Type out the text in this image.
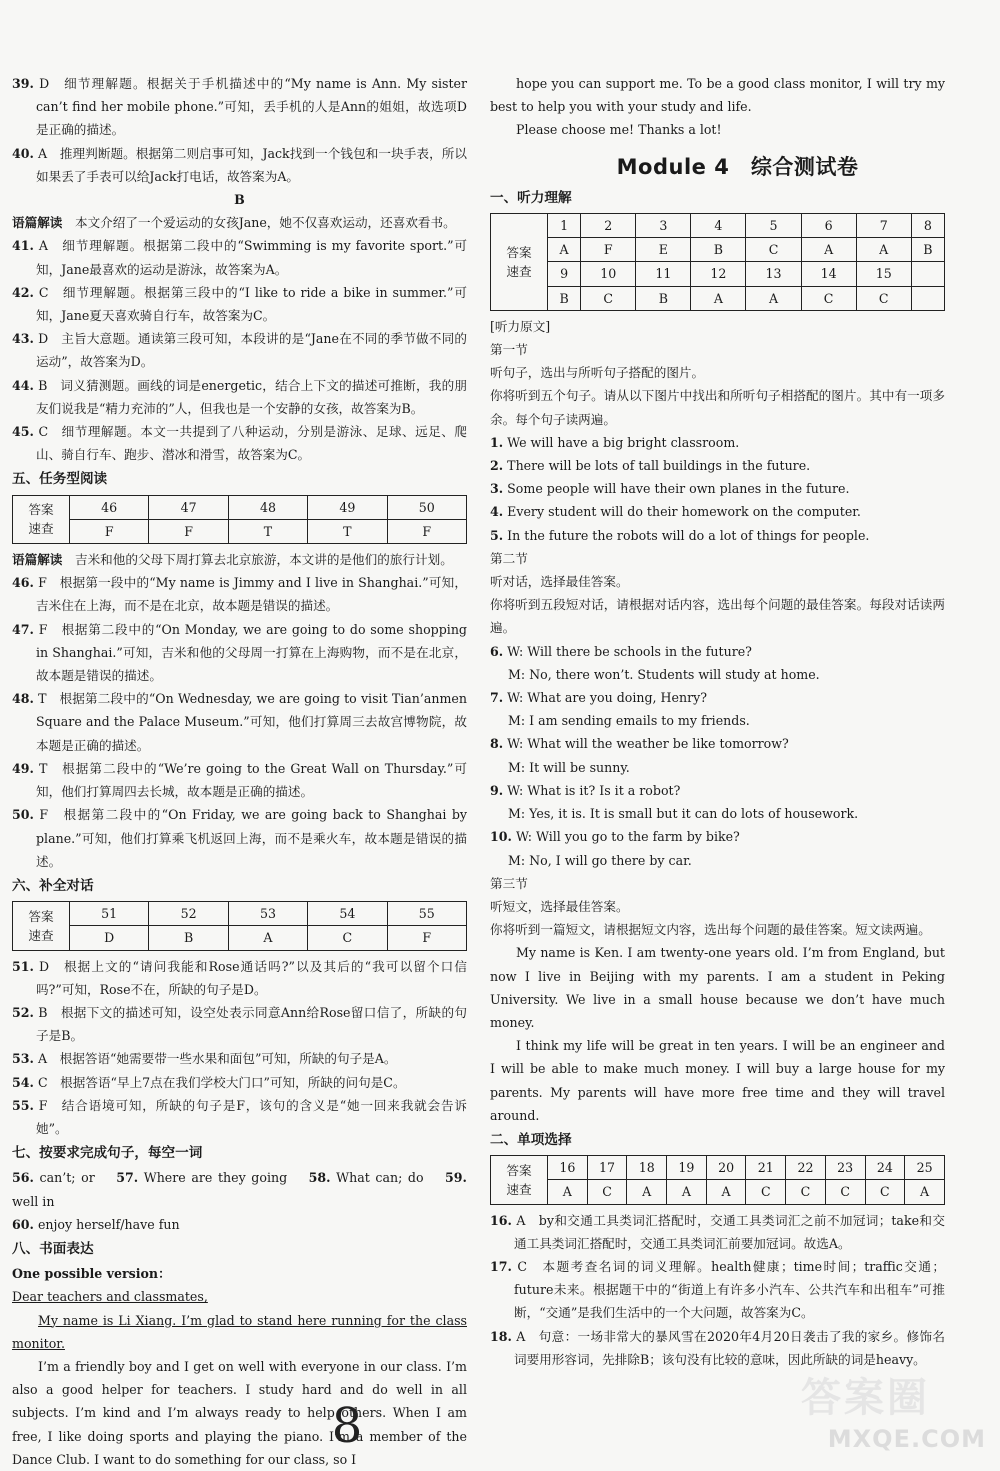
39. D　细节理解题。根据关于手机描述中的“My name is Ann. My sister can’t find her mobile phone.”可知，丢手机的人是Ann的姐姐，故选项D是正确的描述。

40. A　推理判断题。根据第二则启事可知，Jack找到一个钱包和一块手表，所以如果丢了手表可以给Jack打电话，故答案为A。

B

语篇解读　 本文介绍了一个爱运动的女孩Jane，她不仅喜欢运动，还喜欢看书。

41. A　细节理解题。根据第二段中的“Swimming is my favorite sport.”可知，Jane最喜欢的运动是游泳，故答案为A。

42. C　细节理解题。根据第三段中的“I like to ride a bike in summer.”可知，Jane夏天喜欢骑自行车，故答案为C。

43. D　主旨大意题。通读第三段可知，本段讲的是“Jane在不同的季节做不同的运动”，故答案为D。

44. B　词义猜测题。画线的词是energetic，结合上下文的描述可推断，我的朋友们说我是“精力充沛的”人，但我也是一个安静的女孩，故答案为B。

45. C　细节理解题。本文一共提到了八种运动，分别是游泳、足球、远足、爬山、骑自行车、跑步、潜冰和滑雪，故答案为C。

五、任务型阅读
答案
速查	46	47	48	49	50
	F	F	T	T	F

语篇解读　 吉米和他的父母下周打算去北京旅游，本文讲的是他们的旅行计划。

46. F　根据第一段中的“My name is Jimmy and I live in Shanghai.”可知，吉米住在上海，而不是在北京，故本题是错误的描述。

47. F　根据第二段中的“On Monday, we are going to do some shopping in Shanghai.”可知，吉米和他的父母周一打算在上海购物，而不是在北京，故本题是错误的描述。

48. T　根据第二段中的“On Wednesday, we are going to visit Tian’anmen Square and the Palace Museum.”可知，他们打算周三去故宫博物院，故本题是正确的描述。

49. T　根据第二段中的“We’re going to the Great Wall on Thursday.”可知，他们打算周四去长城，故本题是正确的描述。

50. F　根据第二段中的“On Friday, we are going back to Shanghai by plane.”可知，他们打算乘飞机返回上海，而不是乘火车，故本题是错误的描述。

六、补全对话
答案
速查	51	52	53	54	55
	D	B	A	C	F

51. D　根据上文的“请问我能和Rose通话吗?”以及其后的“我可以留个口信吗?”可知，Rose不在，所缺的句子是D。

52. B　根据下文的描述可知，设空处表示同意Ann给Rose留口信了，所缺的句子是B。

53. A　根据答语“她需要带一些水果和面包”可知，所缺的句子是A。

54. C　根据答语“早上7点在我们学校大门口”可知，所缺的问句是C。

55. F　结合语境可知，所缺的句子是F，该句的含义是“她一回来我就会告诉她”。

七、按要求完成句子，每空一词

56. can’t; or　 57. Where are they going　 58. What can; do　 59. well in

60. enjoy herself/have fun

八、书面表达

One possible version：

Dear teachers and classmates,

My name is Li Xiang. I’m glad to stand here running for the class monitor.

I’m a friendly boy and I get on well with everyone in our class. I’m also a good helper for teachers. I study hard and do well in all subjects. I’m kind and I’m always ready to help others. When I am free, I like doing sports and playing the piano. I’m a member of the Dance Club. I want to do something for our class, so I

hope you can support me. To be a good class monitor, I will try my best to help you with your study and life.

Please choose me! Thanks a lot!

Module 4　综合测试卷
一、听力理解
答案
速查	1	2	3	4	5	6	7	8
	A	F	E	B	C	A	A	B
	9	10	11	12	13	14	15	
	B	C	B	A	A	C	C	

[听力原文]

第一节

听句子，选出与所听句子搭配的图片。

你将听到五个句子。请从以下图片中找出和所听句子相搭配的图片。其中有一项多余。每个句子读两遍。

1. We will have a big bright classroom.

2. There will be lots of tall buildings in the future.

3. Some people will have their own planes in the future.

4. Every student will do their homework on the computer.

5. In the future the robots will do a lot of things for people.

第二节

听对话，选择最佳答案。

你将听到五段短对话，请根据对话内容，选出每个问题的最佳答案。每段对话读两遍。

6. W: Will there be schools in the future?

M: No, there won’t. Students will study at home.

7. W: What are you doing, Henry?

M: I am sending emails to my friends.

8. W: What will the weather be like tomorrow?

M: It will be sunny.

9. W: What is it? Is it a robot?

M: Yes, it is. It is small but it can do lots of housework.

10. W: Will you go to the farm by bike?

M: No, I will go there by car.

第三节

听短文，选择最佳答案。

你将听到一篇短文，请根据短文内容，选出每个问题的最佳答案。短文读两遍。

My name is Ken. I am twenty-one years old. I’m from England, but now I live in Beijing with my parents. I am a student in Peking University. We live in a small house because we don’t have much money.

I think my life will be great in ten years. I will be an engineer and I will be able to make much money. I will buy a large house for my parents. My parents will have more free time and they will travel around.

二、单项选择
答案
速查	16	17	18	19	20	21	22	23	24	25
	A	C	A	A	A	C	C	C	C	A

16. A　by和交通工具类词汇搭配时，交通工具类词汇之前不加冠词；take和交通工具类词汇搭配时，交通工具类词汇前要加冠词。故选A。

17. C　本题考查名词的词义理解。health健康；time时间；traffic交通；future未来。根据题干中的“街道上有许多小汽车、公共汽车和出租车”可推断，“交通”是我们生活中的一个大问题，故答案为C。

18. A　句意：一场非常大的暴风雪在2020年4月20日袭击了我的家乡。修饰名词要用形容词，先排除B；该句没有比较的意味，因此所缺的词是heavy。

8	答案圈
MXQE.COM
